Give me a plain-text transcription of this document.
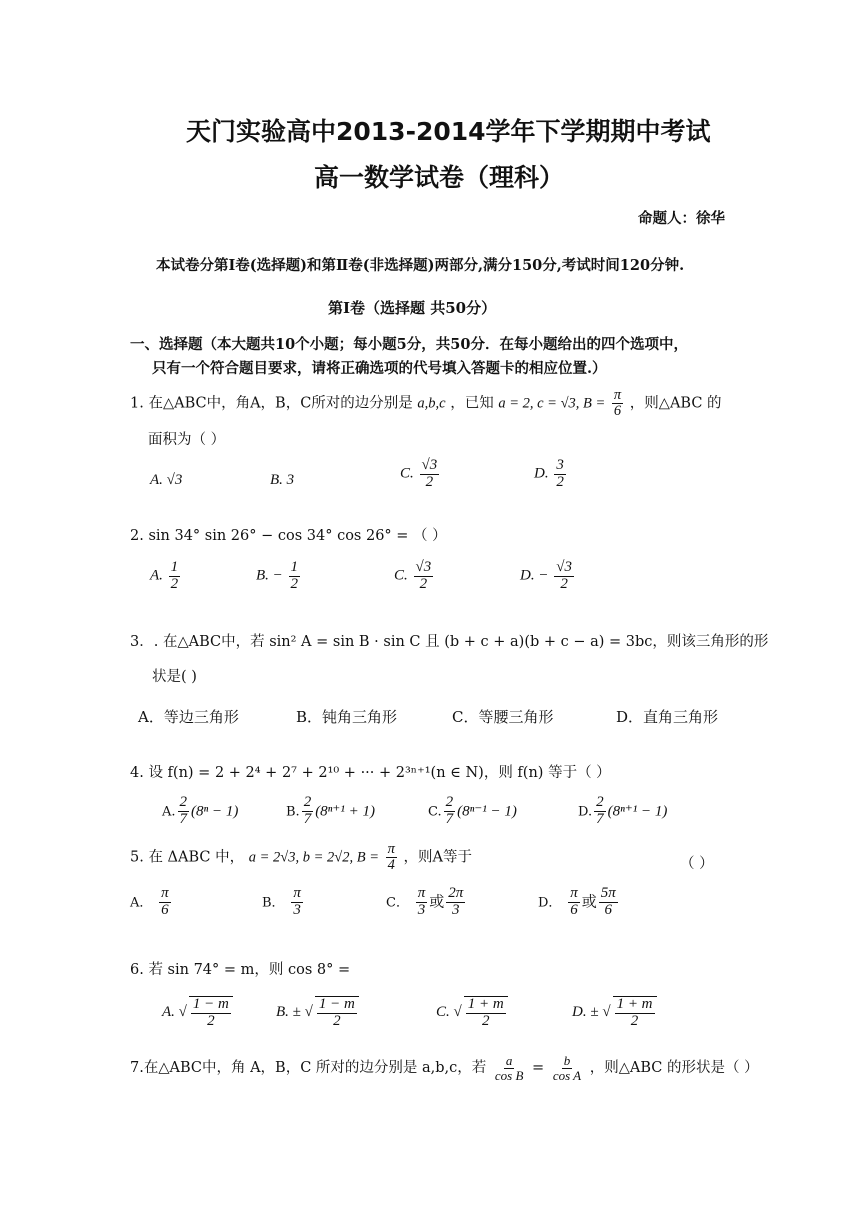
天门实验高中2013-2014学年下学期期中考试
高一数学试卷（理科）
命题人：徐华
本试卷分第Ⅰ卷(选择题)和第Ⅱ卷(非选择题)两部分,满分150分,考试时间120分钟.
第Ⅰ卷（选择题 共50分）
一、选择题（本大题共10个小题；每小题5分，共50分．在每小题给出的四个选项中，
只有一个符合题目要求，请将正确选项的代号填入答题卡的相应位置.）
1. 在△ABC中，角A，B，C所对的边分别是 a,b,c ，已知 a = 2, c = √3, $B = \frac{\pi}{6}$ ，则△ABC 的
面积为（ ）
A. √3	B. 3	C. $\frac{√3}{2}$	D. $\frac{3}{2}$
2. sin 34° sin 26° − cos 34° cos 26° = （ ）
A. $\frac{1}{2}$	B. − $\frac{1}{2}$	C. $\frac{√3}{2}$	D. − $\frac{√3}{2}$
3．. 在△ABC中，若 sin² A = sin B · sin C 且 (b + c + a)(b + c − a) = 3bc，则该三角形的形
状是( )
A．等边三角形	B．钝角三角形	C．等腰三角形	D．直角三角形
4. 设 f(n) = 2 + 2⁴ + 2⁷ + 2¹⁰ + ··· + 2³ⁿ⁺¹(n ∈ N)，则 f(n) 等于（ ）
A. $\frac{2}{7} (8^n - 1)$	B. $\frac{2}{7} (8^{n+1} + 1)$	C. $\frac{2}{7} (8^{n-1} - 1)$	D. $\frac{2}{7} (8^{n+1} - 1)$
5. 在 ΔABC 中， a = 2√3, b = 2√2, $B = \frac{\pi}{4}$ ，则A等于	（ ）
A． $\frac{\pi}{6}$	B． $\frac{\pi}{3}$	C． $\frac{\pi}{3}$ 或 $\frac{2\pi}{3}$	D． $\frac{\pi}{6}$ 或 $\frac{5\pi}{6}$
6. 若 sin 74° = m，则 cos 8° =
A. √ $\frac{1 - m}{2}$	B. ± √ $\frac{1 - m}{2}$	C. √ $\frac{1 + m}{2}$	D. ± √ $\frac{1 + m}{2}$
7.在△ABC中，角 A，B，C 所对的边分别是 a,b,c，若 $\frac{a}{\text{cos B}} = \frac{b}{\text{cos A}}$ ，则△ABC 的形状是（ ）
